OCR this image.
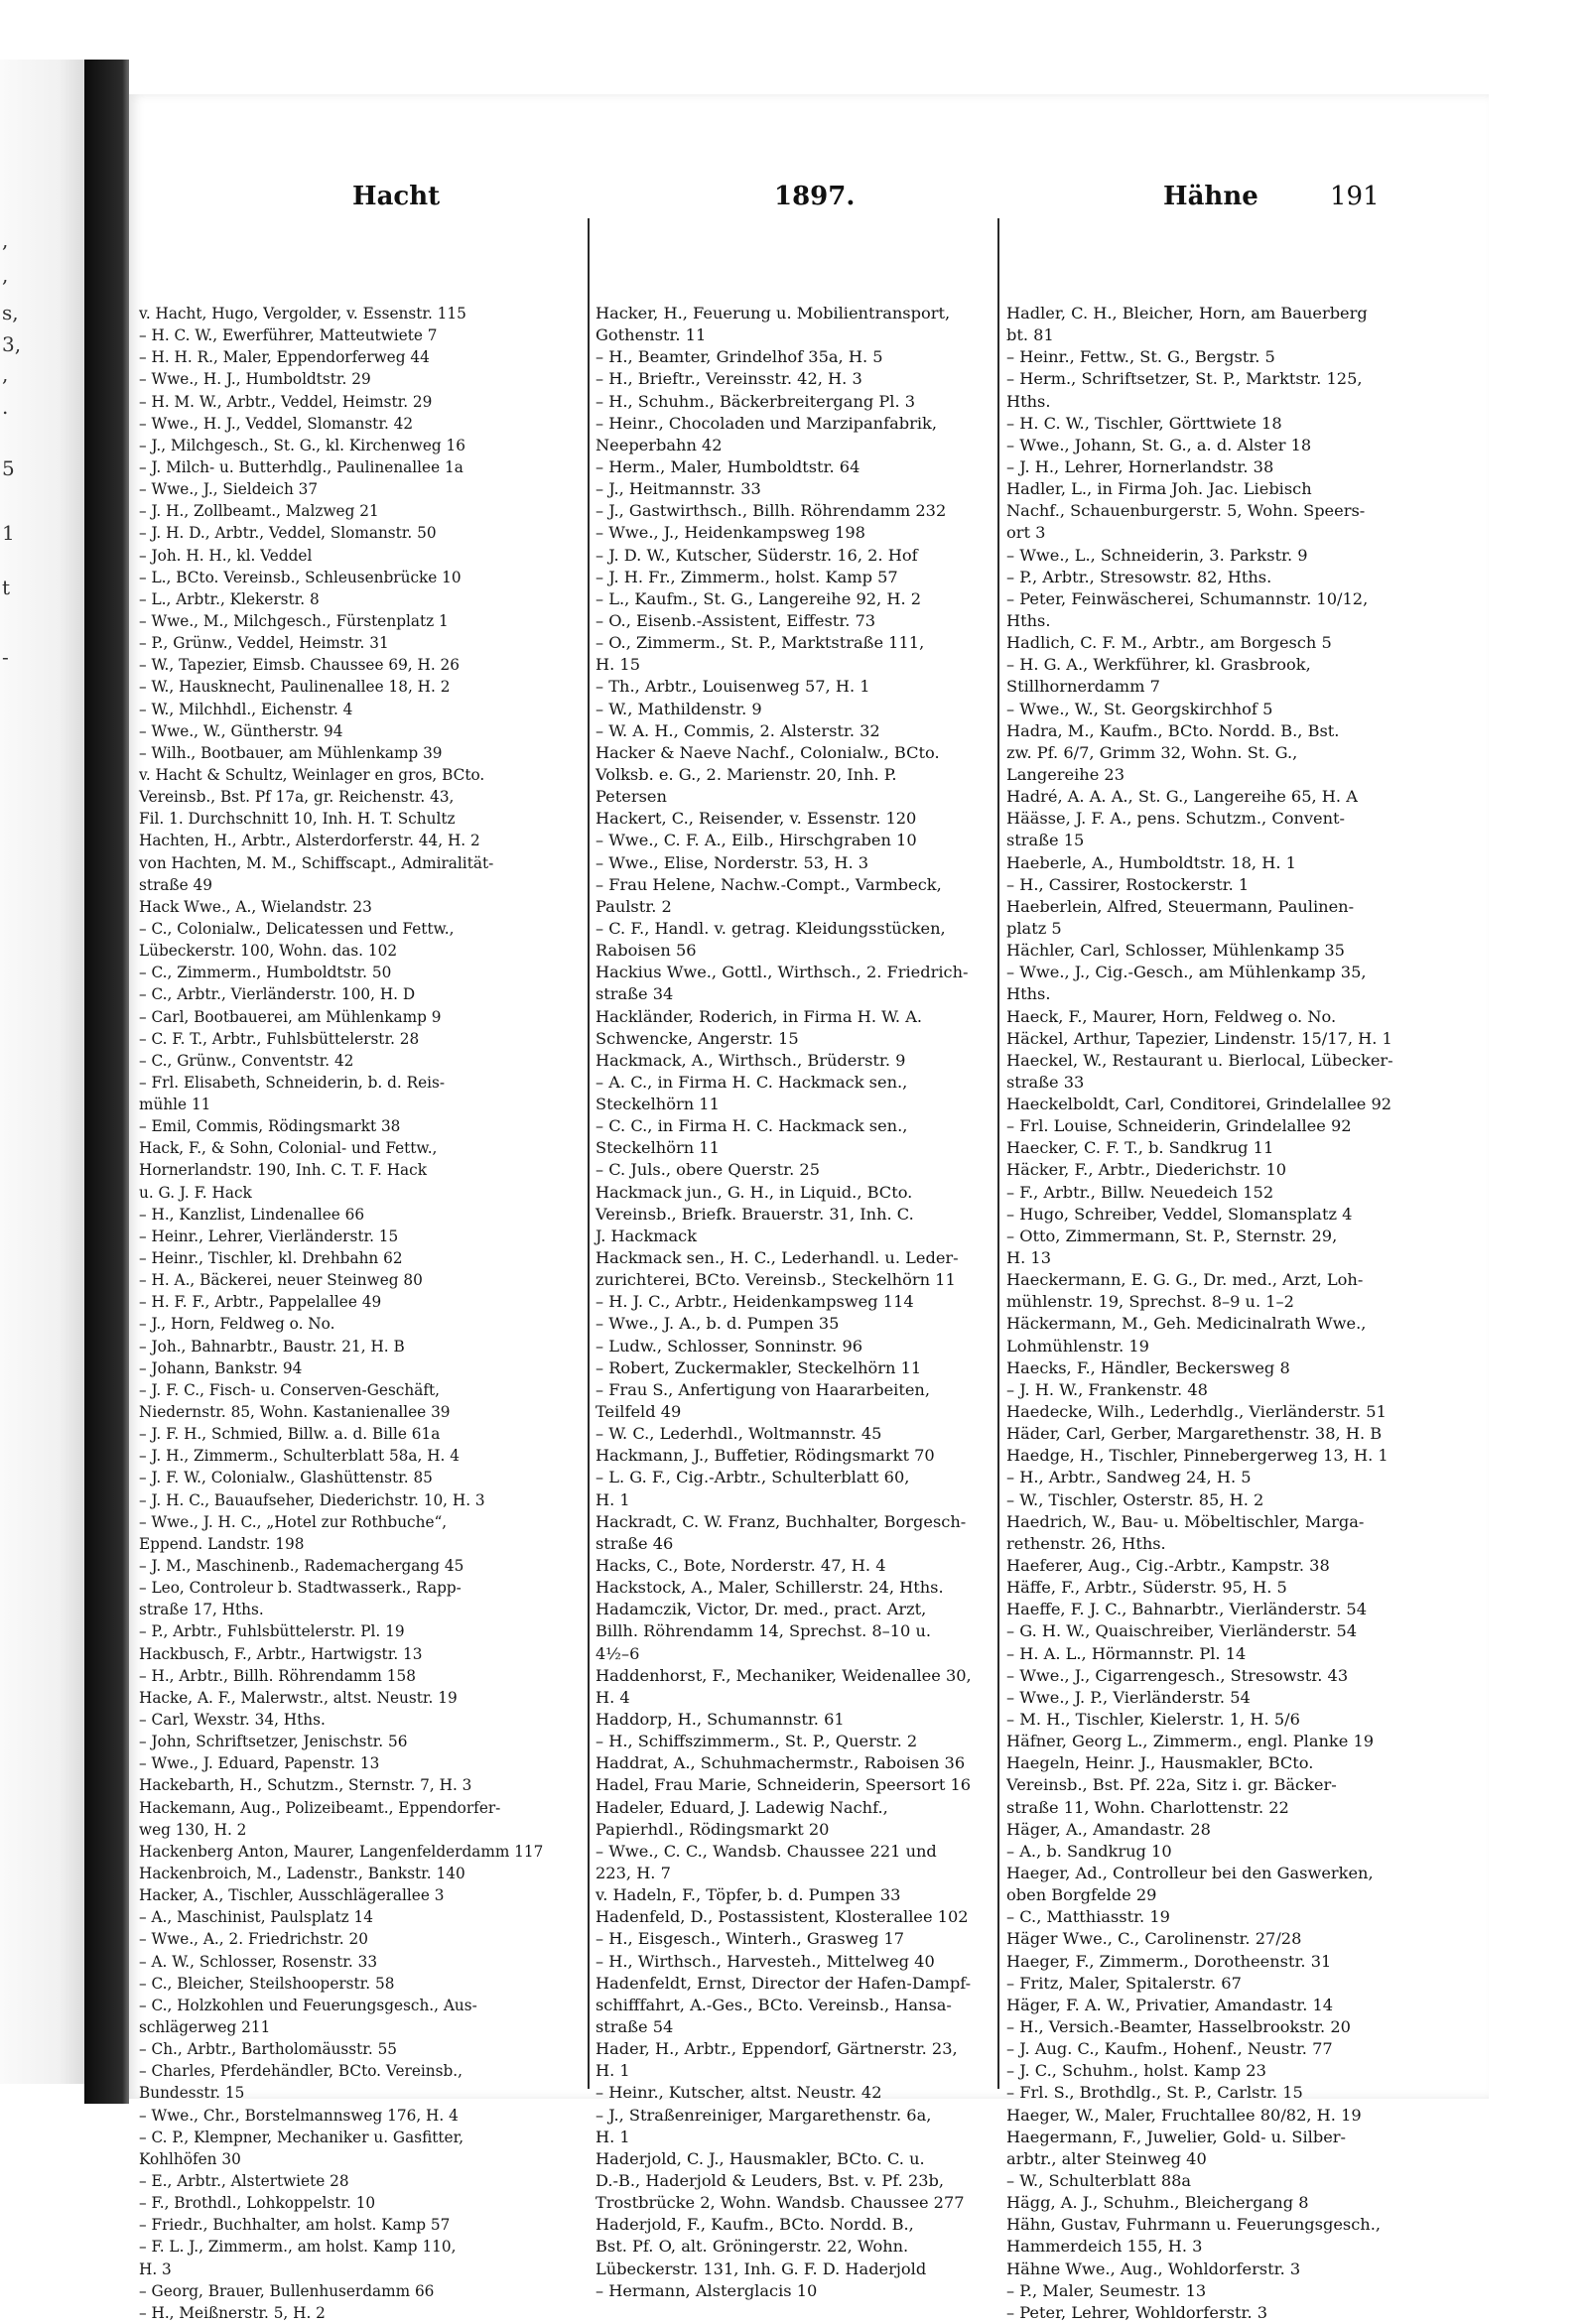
,
,
s,
3,
,
.
5
1
t
-
Hacht	1897.	Hähne	191
v. Hacht, Hugo, Vergolder, v. Essenstr. 115
– H. C. W., Ewerführer, Matteutwiete 7
– H. H. R., Maler, Eppendorferweg 44
– Wwe., H. J., Humboldtstr. 29
– H. M. W., Arbtr., Veddel, Heimstr. 29
– Wwe., H. J., Veddel, Slomanstr. 42
– J., Milchgesch., St. G., kl. Kirchenweg 16
– J. Milch- u. Butterhdlg., Paulinenallee 1a
– Wwe., J., Sieldeich 37
– J. H., Zollbeamt., Malzweg 21
– J. H. D., Arbtr., Veddel, Slomanstr. 50
– Joh. H. H., kl. Veddel
– L., BCto. Vereinsb., Schleusenbrücke 10
– L., Arbtr., Klekerstr. 8
– Wwe., M., Milchgesch., Fürstenplatz 1
– P., Grünw., Veddel, Heimstr. 31
– W., Tapezier, Eimsb. Chaussee 69, H. 26
– W., Hausknecht, Paulinenallee 18, H. 2
– W., Milchhdl., Eichenstr. 4
– Wwe., W., Güntherstr. 94
– Wilh., Bootbauer, am Mühlenkamp 39
v. Hacht & Schultz, Weinlager en gros, BCto.
Vereinsb., Bst. Pf 17a, gr. Reichenstr. 43,
Fil. 1. Durchschnitt 10, Inh. H. T. Schultz
Hachten, H., Arbtr., Alsterdorferstr. 44, H. 2
von Hachten, M. M., Schiffscapt., Admiralität-
straße 49
Hack Wwe., A., Wielandstr. 23
– C., Colonialw., Delicatessen und Fettw.,
Lübeckerstr. 100, Wohn. das. 102
– C., Zimmerm., Humboldtstr. 50
– C., Arbtr., Vierländerstr. 100, H. D
– Carl, Bootbauerei, am Mühlenkamp 9
– C. F. T., Arbtr., Fuhlsbüttelerstr. 28
– C., Grünw., Conventstr. 42
– Frl. Elisabeth, Schneiderin, b. d. Reis-
mühle 11
– Emil, Commis, Rödingsmarkt 38
Hack, F., & Sohn, Colonial- und Fettw.,
Hornerlandstr. 190, Inh. C. T. F. Hack
u. G. J. F. Hack
– H., Kanzlist, Lindenallee 66
– Heinr., Lehrer, Vierländerstr. 15
– Heinr., Tischler, kl. Drehbahn 62
– H. A., Bäckerei, neuer Steinweg 80
– H. F. F., Arbtr., Pappelallee 49
– J., Horn, Feldweg o. No.
– Joh., Bahnarbtr., Baustr. 21, H. B
– Johann, Bankstr. 94
– J. F. C., Fisch- u. Conserven-Geschäft,
Niedernstr. 85, Wohn. Kastanienallee 39
– J. F. H., Schmied, Billw. a. d. Bille 61a
– J. H., Zimmerm., Schulterblatt 58a, H. 4
– J. F. W., Colonialw., Glashüttenstr. 85
– J. H. C., Bauaufseher, Diederichstr. 10, H. 3
– Wwe., J. H. C., „Hotel zur Rothbuche“,
Eppend. Landstr. 198
– J. M., Maschinenb., Rademachergang 45
– Leo, Controleur b. Stadtwasserk., Rapp-
straße 17, Hths.
– P., Arbtr., Fuhlsbüttelerstr. Pl. 19
Hackbusch, F., Arbtr., Hartwigstr. 13
– H., Arbtr., Billh. Röhrendamm 158
Hacke, A. F., Malerwstr., altst. Neustr. 19
– Carl, Wexstr. 34, Hths.
– John, Schriftsetzer, Jenischstr. 56
– Wwe., J. Eduard, Papenstr. 13
Hackebarth, H., Schutzm., Sternstr. 7, H. 3
Hackemann, Aug., Polizeibeamt., Eppendorfer-
weg 130, H. 2
Hackenberg Anton, Maurer, Langenfelderdamm 117
Hackenbroich, M., Ladenstr., Bankstr. 140
Hacker, A., Tischler, Ausschlägerallee 3
– A., Maschinist, Paulsplatz 14
– Wwe., A., 2. Friedrichstr. 20
– A. W., Schlosser, Rosenstr. 33
– C., Bleicher, Steilshooperstr. 58
– C., Holzkohlen und Feuerungsgesch., Aus-
schlägerweg 211
– Ch., Arbtr., Bartholomäusstr. 55
– Charles, Pferdehändler, BCto. Vereinsb.,
Bundesstr. 15
– Wwe., Chr., Borstelmannsweg 176, H. 4
– C. P., Klempner, Mechaniker u. Gasfitter,
Kohlhöfen 30
– E., Arbtr., Alstertwiete 28
– F., Brothdl., Lohkoppelstr. 10
– Friedr., Buchhalter, am holst. Kamp 57
– F. L. J., Zimmerm., am holst. Kamp 110,
H. 3
– Georg, Brauer, Bullenhuserdamm 66
– H., Meißnerstr. 5, H. 2
Hacker, H., Feuerung u. Mobilientransport,
Gothenstr. 11
– H., Beamter, Grindelhof 35a, H. 5
– H., Brieftr., Vereinsstr. 42, H. 3
– H., Schuhm., Bäckerbreitergang Pl. 3
– Heinr., Chocoladen und Marzipanfabrik,
Neeperbahn 42
– Herm., Maler, Humboldtstr. 64
– J., Heitmannstr. 33
– J., Gastwirthsch., Billh. Röhrendamm 232
– Wwe., J., Heidenkampsweg 198
– J. D. W., Kutscher, Süderstr. 16, 2. Hof
– J. H. Fr., Zimmerm., holst. Kamp 57
– L., Kaufm., St. G., Langereihe 92, H. 2
– O., Eisenb.-Assistent, Eiffestr. 73
– O., Zimmerm., St. P., Marktstraße 111,
H. 15
– Th., Arbtr., Louisenweg 57, H. 1
– W., Mathildenstr. 9
– W. A. H., Commis, 2. Alsterstr. 32
Hacker & Naeve Nachf., Colonialw., BCto.
Volksb. e. G., 2. Marienstr. 20, Inh. P.
Petersen
Hackert, C., Reisender, v. Essenstr. 120
– Wwe., C. F. A., Eilb., Hirschgraben 10
– Wwe., Elise, Norderstr. 53, H. 3
– Frau Helene, Nachw.-Compt., Varmbeck,
Paulstr. 2
– C. F., Handl. v. getrag. Kleidungsstücken,
Raboisen 56
Hackius Wwe., Gottl., Wirthsch., 2. Friedrich-
straße 34
Hackländer, Roderich, in Firma H. W. A.
Schwencke, Angerstr. 15
Hackmack, A., Wirthsch., Brüderstr. 9
– A. C., in Firma H. C. Hackmack sen.,
Steckelhörn 11
– C. C., in Firma H. C. Hackmack sen.,
Steckelhörn 11
– C. Juls., obere Querstr. 25
Hackmack jun., G. H., in Liquid., BCto.
Vereinsb., Briefk. Brauerstr. 31, Inh. C.
J. Hackmack
Hackmack sen., H. C., Lederhandl. u. Leder-
zurichterei, BCto. Vereinsb., Steckelhörn 11
– H. J. C., Arbtr., Heidenkampsweg 114
– Wwe., J. A., b. d. Pumpen 35
– Ludw., Schlosser, Sonninstr. 96
– Robert, Zuckermakler, Steckelhörn 11
– Frau S., Anfertigung von Haararbeiten,
Teilfeld 49
– W. C., Lederhdl., Woltmannstr. 45
Hackmann, J., Buffetier, Rödingsmarkt 70
– L. G. F., Cig.-Arbtr., Schulterblatt 60,
H. 1
Hackradt, C. W. Franz, Buchhalter, Borgesch-
straße 46
Hacks, C., Bote, Norderstr. 47, H. 4
Hackstock, A., Maler, Schillerstr. 24, Hths.
Hadamczik, Victor, Dr. med., pract. Arzt,
Billh. Röhrendamm 14, Sprechst. 8–10 u.
4½–6
Haddenhorst, F., Mechaniker, Weidenallee 30,
H. 4
Haddorp, H., Schumannstr. 61
– H., Schiffszimmerm., St. P., Querstr. 2
Haddrat, A., Schuhmachermstr., Raboisen 36
Hadel, Frau Marie, Schneiderin, Speersort 16
Hadeler, Eduard, J. Ladewig Nachf.,
Papierhdl., Rödingsmarkt 20
– Wwe., C. C., Wandsb. Chaussee 221 und
223, H. 7
v. Hadeln, F., Töpfer, b. d. Pumpen 33
Hadenfeld, D., Postassistent, Klosterallee 102
– H., Eisgesch., Winterh., Grasweg 17
– H., Wirthsch., Harvestеh., Mittelweg 40
Hadenfeldt, Ernst, Director der Hafen-Dampf-
schifffahrt, A.-Ges., BCto. Vereinsb., Hansa-
straße 54
Hader, H., Arbtr., Eppendorf, Gärtnerstr. 23,
H. 1
– Heinr., Kutscher, altst. Neustr. 42
– J., Straßenreiniger, Margarethenstr. 6a,
H. 1
Haderjold, C. J., Hausmakler, BCto. C. u.
D.-B., Haderjold & Leuders, Bst. v. Pf. 23b,
Trostbrücke 2, Wohn. Wandsb. Chaussee 277
Haderjold, F., Kaufm., BCto. Nordd. B.,
Bst. Pf. O, alt. Gröningerstr. 22, Wohn.
Lübeckerstr. 131, Inh. G. F. D. Haderjold
– Hermann, Alsterglacis 10
Hadler, C. H., Bleicher, Horn, am Bauerberg
bt. 81
– Heinr., Fettw., St. G., Bergstr. 5
– Herm., Schriftsetzer, St. P., Marktstr. 125,
Hths.
– H. C. W., Tischler, Görttwiete 18
– Wwe., Johann, St. G., a. d. Alster 18
– J. H., Lehrer, Hornerlandstr. 38
Hadler, L., in Firma Joh. Jac. Liebisch
Nachf., Schauenburgerstr. 5, Wohn. Speers-
ort 3
– Wwe., L., Schneiderin, 3. Parkstr. 9
– P., Arbtr., Stresowstr. 82, Hths.
– Peter, Feinwäscherei, Schumannstr. 10/12,
Hths.
Hadlich, C. F. M., Arbtr., am Borgesch 5
– H. G. A., Werkführer, kl. Grasbrook,
Stillhornerdamm 7
– Wwe., W., St. Georgskirchhof 5
Hadra, M., Kaufm., BCto. Nordd. B., Bst.
zw. Pf. 6/7, Grimm 32, Wohn. St. G.,
Langereihe 23
Hadré, A. A. A., St. G., Langereihe 65, H. A
Häässe, J. F. A., pens. Schutzm., Convent-
straße 15
Haeberle, A., Humboldtstr. 18, H. 1
– H., Cassirer, Rostockerstr. 1
Haeberlein, Alfred, Steuermann, Paulinen-
platz 5
Hächler, Carl, Schlosser, Mühlenkamp 35
– Wwe., J., Cig.-Gesch., am Mühlenkamp 35,
Hths.
Haeck, F., Maurer, Horn, Feldweg o. No.
Häckel, Arthur, Tapezier, Lindenstr. 15/17, H. 1
Haeckel, W., Restaurant u. Bierlocal, Lübecker-
straße 33
Haeckelboldt, Carl, Conditorei, Grindelallee 92
– Frl. Louise, Schneiderin, Grindelallee 92
Haecker, C. F. T., b. Sandkrug 11
Häcker, F., Arbtr., Diederichstr. 10
– F., Arbtr., Billw. Neuedeich 152
– Hugo, Schreiber, Veddel, Slomansplatz 4
– Otto, Zimmermann, St. P., Sternstr. 29,
H. 13
Haeckermann, E. G. G., Dr. med., Arzt, Loh-
mühlenstr. 19, Sprechst. 8–9 u. 1–2
Häckermann, M., Geh. Medicinalrath Wwe.,
Lohmühlenstr. 19
Haecks, F., Händler, Beckersweg 8
– J. H. W., Frankenstr. 48
Haedecke, Wilh., Lederhdlg., Vierländerstr. 51
Häder, Carl, Gerber, Margarethenstr. 38, H. B
Haedge, H., Tischler, Pinnebergerweg 13, H. 1
– H., Arbtr., Sandweg 24, H. 5
– W., Tischler, Osterstr. 85, H. 2
Haedrich, W., Bau- u. Möbeltischler, Marga-
rethenstr. 26, Hths.
Haeferer, Aug., Cig.-Arbtr., Kampstr. 38
Häffe, F., Arbtr., Süderstr. 95, H. 5
Haeffe, F. J. C., Bahnarbtr., Vierländerstr. 54
– G. H. W., Quaischreiber, Vierländerstr. 54
– H. A. L., Hörmannstr. Pl. 14
– Wwe., J., Cigarrengesch., Stresowstr. 43
– Wwe., J. P., Vierländerstr. 54
– M. H., Tischler, Kielerstr. 1, H. 5/6
Häfner, Georg L., Zimmerm., engl. Planke 19
Haegeln, Heinr. J., Hausmakler, BCto.
Vereinsb., Bst. Pf. 22a, Sitz i. gr. Bäcker-
straße 11, Wohn. Charlottenstr. 22
Häger, A., Amandastr. 28
– A., b. Sandkrug 10
Haeger, Ad., Controlleur bei den Gaswerken,
oben Borgfelde 29
– C., Matthiasstr. 19
Häger Wwe., C., Carolinenstr. 27/28
Haeger, F., Zimmerm., Dorotheenstr. 31
– Fritz, Maler, Spitalerstr. 67
Häger, F. A. W., Privatier, Amandastr. 14
– H., Versich.-Beamter, Hasselbrookstr. 20
– J. Aug. C., Kaufm., Hohenf., Neustr. 77
– J. C., Schuhm., holst. Kamp 23
– Frl. S., Brothdlg., St. P., Carlstr. 15
Haeger, W., Maler, Fruchtallee 80/82, H. 19
Haegermann, F., Juwelier, Gold- u. Silber-
arbtr., alter Steinweg 40
– W., Schulterblatt 88a
Hägg, A. J., Schuhm., Bleichergang 8
Hähn, Gustav, Fuhrmann u. Feuerungsgesch.,
Hammerdeich 155, H. 3
Hähne Wwe., Aug., Wohldorferstr. 3
– P., Maler, Seumestr. 13
– Peter, Lehrer, Wohldorferstr. 3
